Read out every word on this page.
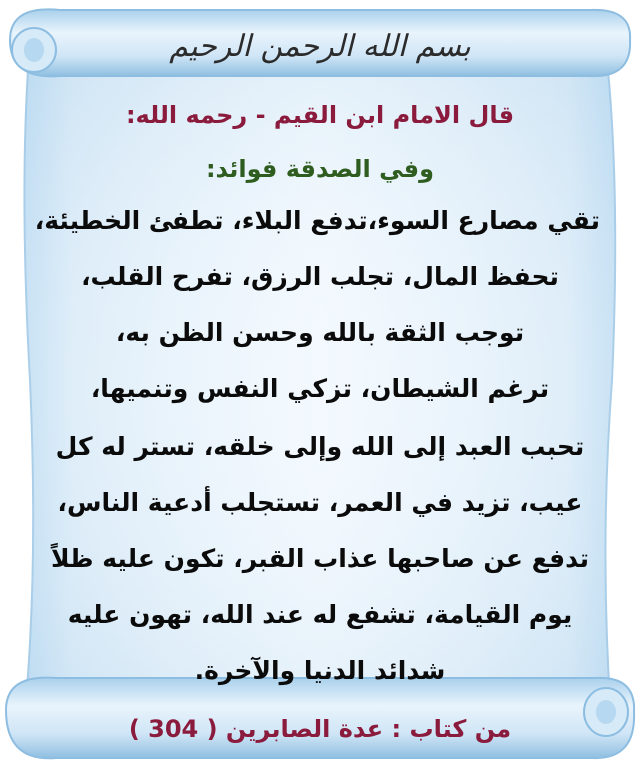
بسم الله الرحمن الرحيم
قال الامام ابن القيم - رحمه الله:
وفي الصدقة فوائد:
تقي مصارع السوء،تدفع البلاء، تطفئ الخطيئة،
تحفظ المال، تجلب الرزق، تفرح القلب،
توجب الثقة بالله وحسن الظن به،
ترغم الشيطان، تزكي النفس وتنميها،
تحبب العبد إلى الله وإلى خلقه، تستر له كل
عيب، تزيد في العمر، تستجلب أدعية الناس،
تدفع عن صاحبها عذاب القبر، تكون عليه ظلاً
يوم القيامة، تشفع له عند الله، تهون عليه
شدائد الدنيا والآخرة.
من كتاب : عدة الصابرين ( 304 )
